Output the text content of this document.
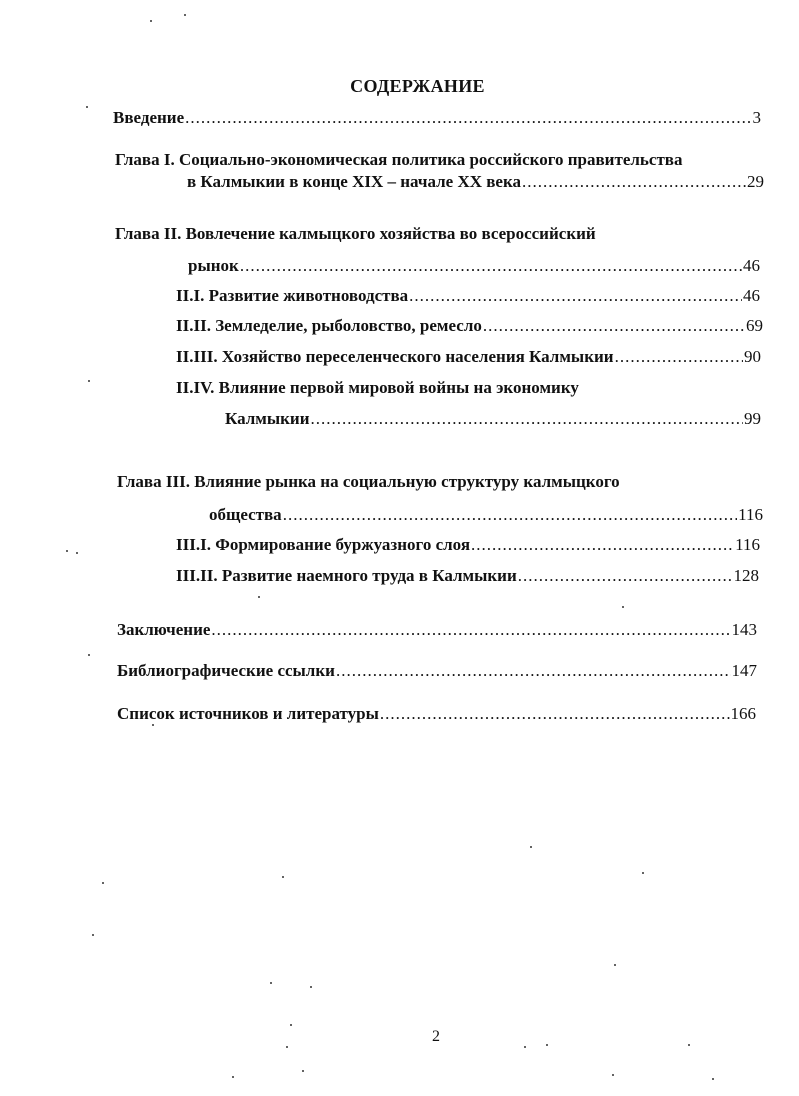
СОДЕРЖАНИЕ
Введение .....	3
Глава I. Социально-экономическая политика российского правительства
в Калмыкии в конце XIX – начале XX века .....	29
Глава II. Вовлечение калмыцкого хозяйства во всероссийский
рынок .....	46
II.I. Развитие животноводства .....	46
II.II. Земледелие, рыболовство, ремесло .....	69
II.III. Хозяйство переселенческого населения Калмыкии .....	90
II.IV. Влияние первой мировой войны на экономику
Калмыкии .....	99
Глава III. Влияние рынка на социальную структуру калмыцкого
общества .....	116
III.I. Формирование буржуазного слоя .....	116
III.II. Развитие наемного труда в Калмыкии .....	128
Заключение .....	143
Библиографические ссылки .....	147
Список источников и литературы .....	166
2
